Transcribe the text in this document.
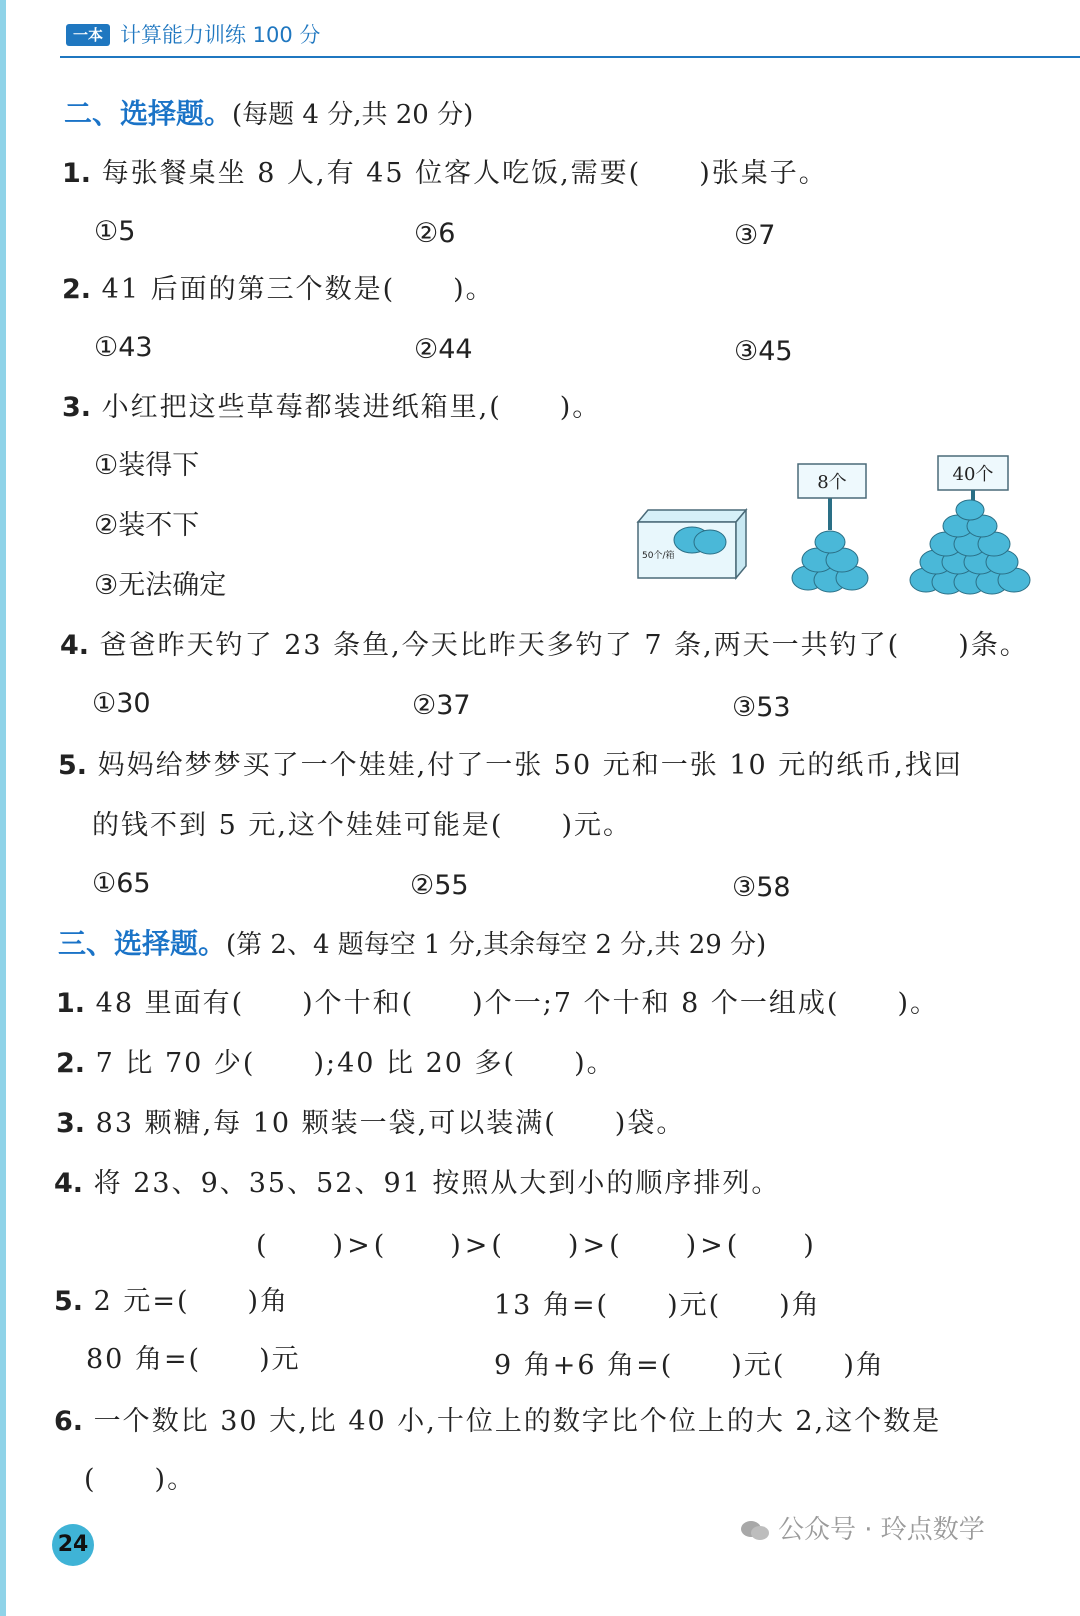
一本 计算能力训练 100 分
二、选择题。(每题 4 分,共 20 分)
1. 每张餐桌坐 8 人,有 45 位客人吃饭,需要(　　)张桌子。
①5	②6	③7
2. 41 后面的第三个数是(　　)。
①43	②44	③45
3. 小红把这些草莓都装进纸箱里,(　　)。
①装得下
②装不下
③无法确定
50个/箱
8个	40个
4. 爸爸昨天钓了 23 条鱼,今天比昨天多钓了 7 条,两天一共钓了(　　)条。
①30	②37	③53
5. 妈妈给梦梦买了一个娃娃,付了一张 50 元和一张 10 元的纸币,找回
的钱不到 5 元,这个娃娃可能是(　　)元。
①65	②55	③58
三、选择题。(第 2、4 题每空 1 分,其余每空 2 分,共 29 分)
1. 48 里面有(　　)个十和(　　)个一;7 个十和 8 个一组成(　　)。
2. 7 比 70 少(　　);40 比 20 多(　　)。
3. 83 颗糖,每 10 颗装一袋,可以装满(　　)袋。
4. 将 23、9、35、52、91 按照从大到小的顺序排列。
(　　)>(　　)>(　　)>(　　)>(　　)
5. 2 元=(　　)角	13 角=(　　)元(　　)角
80 角=(　　)元	9 角+6 角=(　　)元(　　)角
6. 一个数比 30 大,比 40 小,十位上的数字比个位上的大 2,这个数是
(　　)。
24	公众号 · 玲点数学
